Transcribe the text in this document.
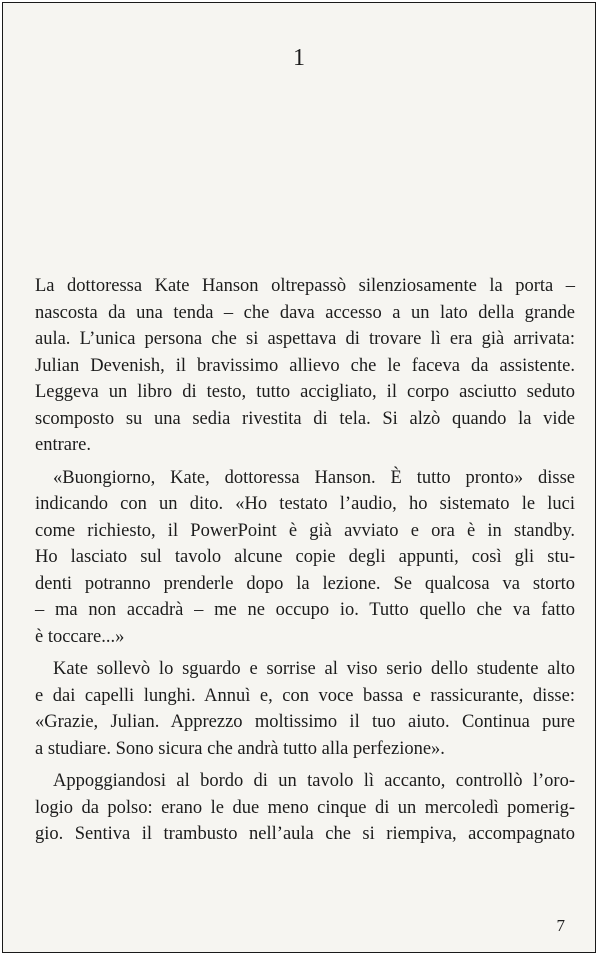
1
La dottoressa Kate Hanson oltrepassò silenziosamente la porta –
nascosta da una tenda – che dava accesso a un lato della grande
aula. L’unica persona che si aspettava di trovare lì era già arrivata:
Julian Devenish, il bravissimo allievo che le faceva da assistente.
Leggeva un libro di testo, tutto accigliato, il corpo asciutto seduto
scomposto su una sedia rivestita di tela. Si alzò quando la vide
entrare.
«Buongiorno, Kate, dottoressa Hanson. È tutto pronto» disse
indicando con un dito. «Ho testato l’audio, ho sistemato le luci
come richiesto, il PowerPoint è già avviato e ora è in standby.
Ho lasciato sul tavolo alcune copie degli appunti, così gli stu-
denti potranno prenderle dopo la lezione. Se qualcosa va storto
– ma non accadrà – me ne occupo io. Tutto quello che va fatto
è toccare...»
Kate sollevò lo sguardo e sorrise al viso serio dello studente alto
e dai capelli lunghi. Annuì e, con voce bassa e rassicurante, disse:
«Grazie, Julian. Apprezzo moltissimo il tuo aiuto. Continua pure
a studiare. Sono sicura che andrà tutto alla perfezione».
Appoggiandosi al bordo di un tavolo lì accanto, controllò l’oro-
logio da polso: erano le due meno cinque di un mercoledì pomerig-
gio. Sentiva il trambusto nell’aula che si riempiva, accompagnato
7
